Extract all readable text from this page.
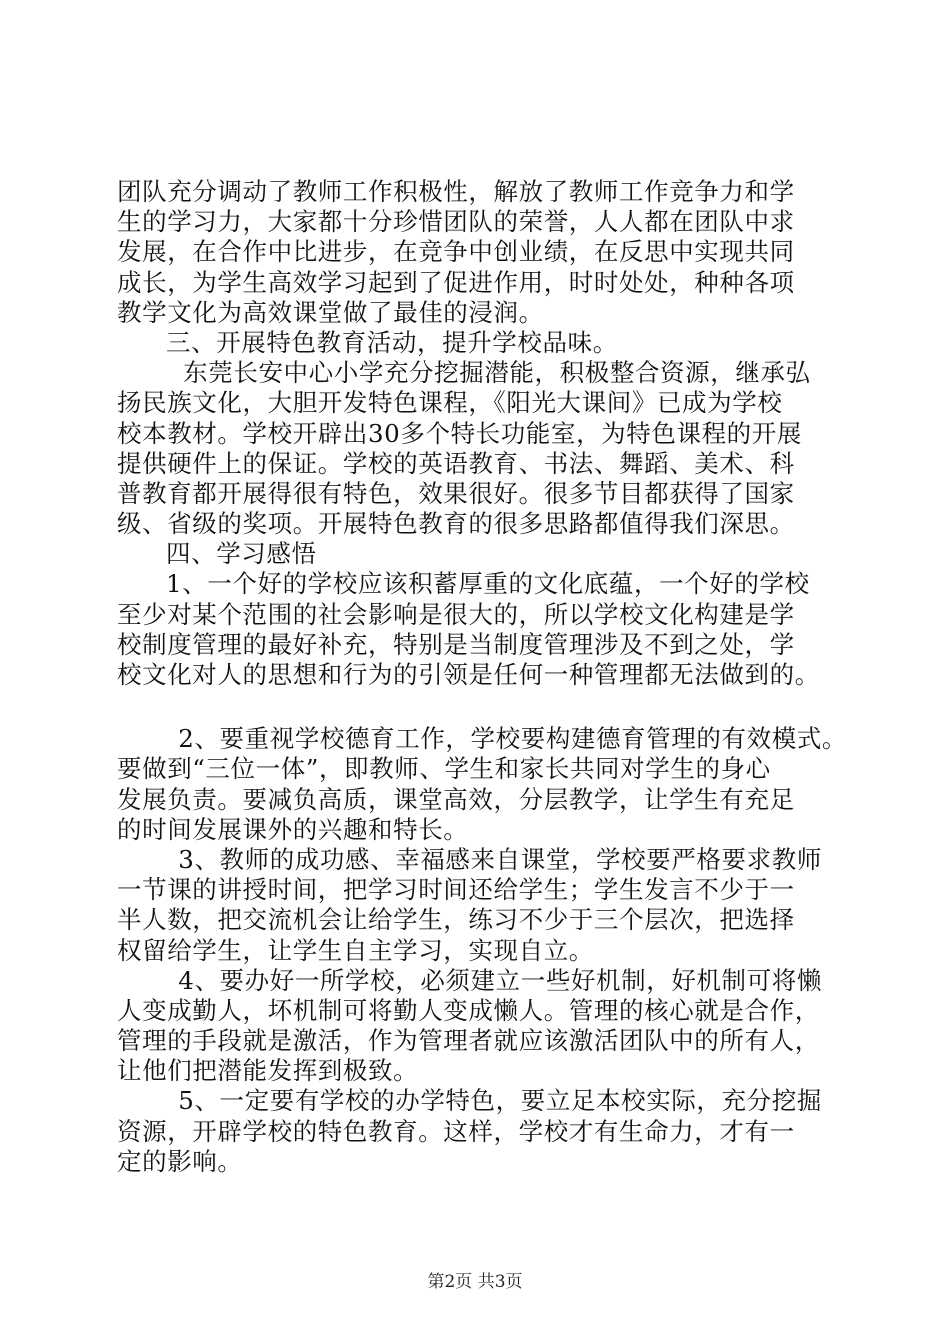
团队充分调动了教师工作积极性，解放了教师工作竞争力和学
生的学习力，大家都十分珍惜团队的荣誉，人人都在团队中求
发展，在合作中比进步，在竞争中创业绩，在反思中实现共同
成长，为学生高效学习起到了促进作用，时时处处，种种各项
教学文化为高效课堂做了最佳的浸润。
三、开展特色教育活动，提升学校品味。
东莞长安中心小学充分挖掘潜能，积极整合资源，继承弘
扬民族文化，大胆开发特色课程，《阳光大课间》已成为学校
校本教材。学校开辟出30多个特长功能室，为特色课程的开展
提供硬件上的保证。学校的英语教育、书法、舞蹈、美术、科
普教育都开展得很有特色，效果很好。很多节目都获得了国家
级、省级的奖项。开展特色教育的很多思路都值得我们深思。
四、学习感悟
1、一个好的学校应该积蓄厚重的文化底蕴，一个好的学校
至少对某个范围的社会影响是很大的，所以学校文化构建是学
校制度管理的最好补充，特别是当制度管理涉及不到之处，学
校文化对人的思想和行为的引领是任何一种管理都无法做到的。
2、要重视学校德育工作，学校要构建德育管理的有效模式。
要做到“三位一体”，即教师、学生和家长共同对学生的身心
发展负责。要减负高质，课堂高效，分层教学，让学生有充足
的时间发展课外的兴趣和特长。
3、教师的成功感、幸福感来自课堂，学校要严格要求教师
一节课的讲授时间，把学习时间还给学生；学生发言不少于一
半人数，把交流机会让给学生，练习不少于三个层次，把选择
权留给学生，让学生自主学习，实现自立。
4、要办好一所学校，必须建立一些好机制，好机制可将懒
人变成勤人，坏机制可将勤人变成懒人。管理的核心就是合作，
管理的手段就是激活，作为管理者就应该激活团队中的所有人，
让他们把潜能发挥到极致。
5、一定要有学校的办学特色，要立足本校实际，充分挖掘
资源，开辟学校的特色教育。这样，学校才有生命力，才有一
定的影响。
第2页 共3页
